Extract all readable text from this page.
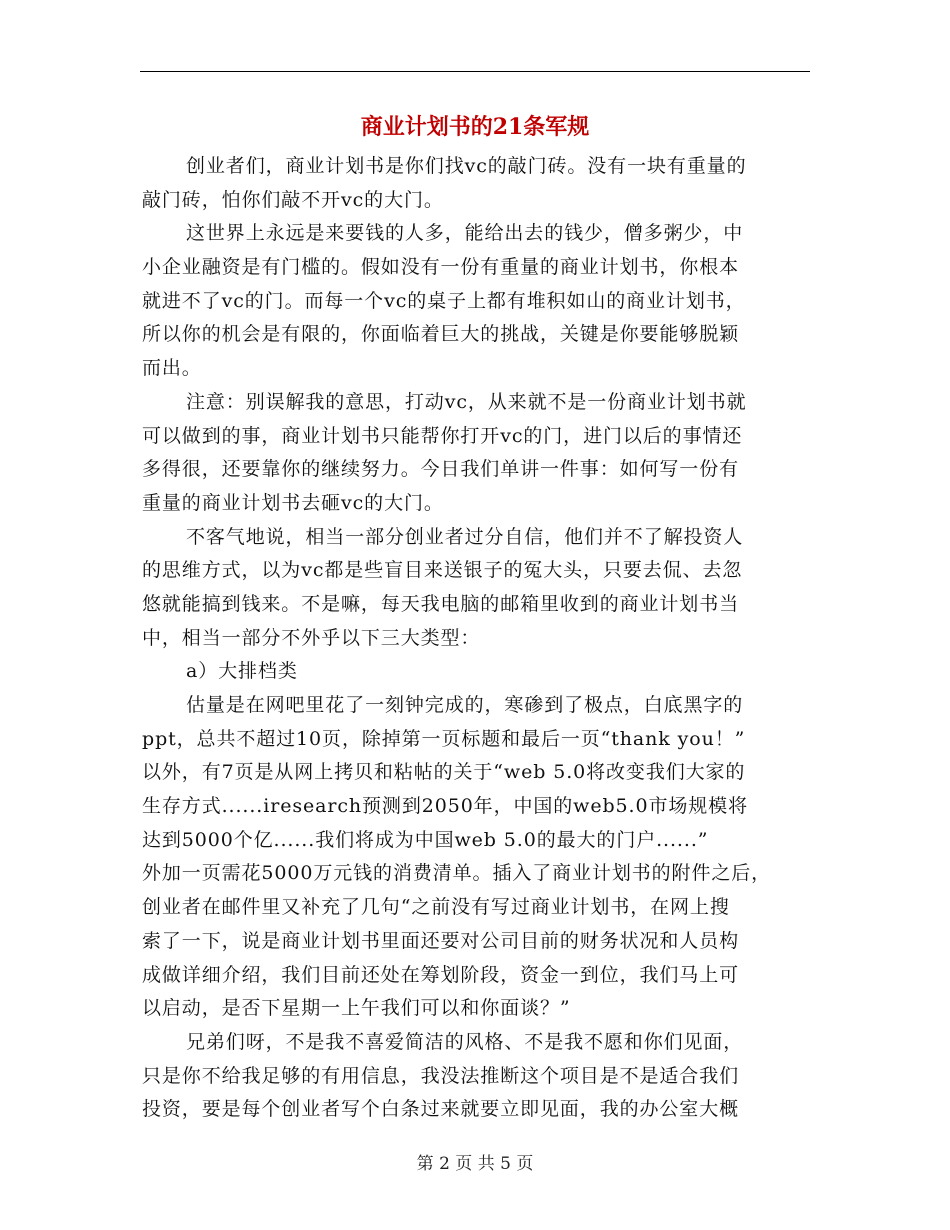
商业计划书的21条军规
创业者们，商业计划书是你们找vc的敲门砖。没有一块有重量的
敲门砖，怕你们敲不开vc的大门。
这世界上永远是来要钱的人多，能给出去的钱少，僧多粥少，中
小企业融资是有门槛的。假如没有一份有重量的商业计划书，你根本
就进不了vc的门。而每一个vc的桌子上都有堆积如山的商业计划书，
所以你的机会是有限的，你面临着巨大的挑战，关键是你要能够脱颖
而出。
注意：别误解我的意思，打动vc，从来就不是一份商业计划书就
可以做到的事，商业计划书只能帮你打开vc的门，进门以后的事情还
多得很，还要靠你的继续努力。今日我们单讲一件事：如何写一份有
重量的商业计划书去砸vc的大门。
不客气地说，相当一部分创业者过分自信，他们并不了解投资人
的思维方式，以为vc都是些盲目来送银子的冤大头，只要去侃、去忽
悠就能搞到钱来。不是嘛，每天我电脑的邮箱里收到的商业计划书当
中，相当一部分不外乎以下三大类型：
a）大排档类
估量是在网吧里花了一刻钟完成的，寒碜到了极点，白底黑字的
ppt，总共不超过10页，除掉第一页标题和最后一页“thank you！”
以外，有7页是从网上拷贝和粘帖的关于“web 5.0将改变我们大家的
生存方式......iresearch预测到2050年，中国的web5.0市场规模将
达到5000个亿......我们将成为中国web 5.0的最大的门户......”
外加一页需花5000万元钱的消费清单。插入了商业计划书的附件之后，
创业者在邮件里又补充了几句“之前没有写过商业计划书，在网上搜
索了一下，说是商业计划书里面还要对公司目前的财务状况和人员构
成做详细介绍，我们目前还处在筹划阶段，资金一到位，我们马上可
以启动，是否下星期一上午我们可以和你面谈？”
兄弟们呀，不是我不喜爱简洁的风格、不是我不愿和你们见面，
只是你不给我足够的有用信息，我没法推断这个项目是不是适合我们
投资，要是每个创业者写个白条过来就要立即见面，我的办公室大概
第 2 页 共 5 页
